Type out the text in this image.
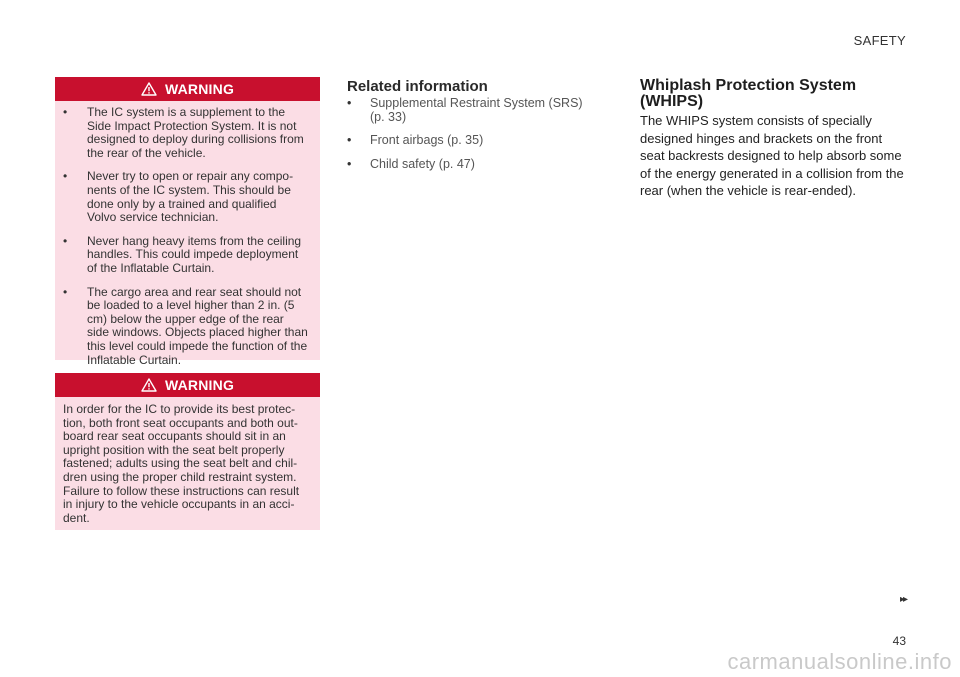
SAFETY
WARNING
• The IC system is a supplement to the Side Impact Protection System. It is not designed to deploy during collisions from the rear of the vehicle.
• Never try to open or repair any compo-nents of the IC system. This should be done only by a trained and qualified Volvo service technician.
• Never hang heavy items from the ceiling handles. This could impede deployment of the Inflatable Curtain.
• The cargo area and rear seat should not be loaded to a level higher than 2 in. (5 cm) below the upper edge of the rear side windows. Objects placed higher than this level could impede the function of the Inflatable Curtain.
WARNING
In order for the IC to provide its best protec-tion, both front seat occupants and both out-board rear seat occupants should sit in an upright position with the seat belt properly fastened; adults using the seat belt and chil-dren using the proper child restraint system. Failure to follow these instructions can result in injury to the vehicle occupants in an acci-dent.
Related information
• Supplemental Restraint System (SRS) (p. 33)
• Front airbags (p. 35)
• Child safety (p. 47)
Whiplash Protection System (WHIPS)
The WHIPS system consists of specially designed hinges and brackets on the front seat backrests designed to help absorb some of the energy generated in a collision from the rear (when the vehicle is rear-ended).
▸▸
43
carmanualsonline.info
